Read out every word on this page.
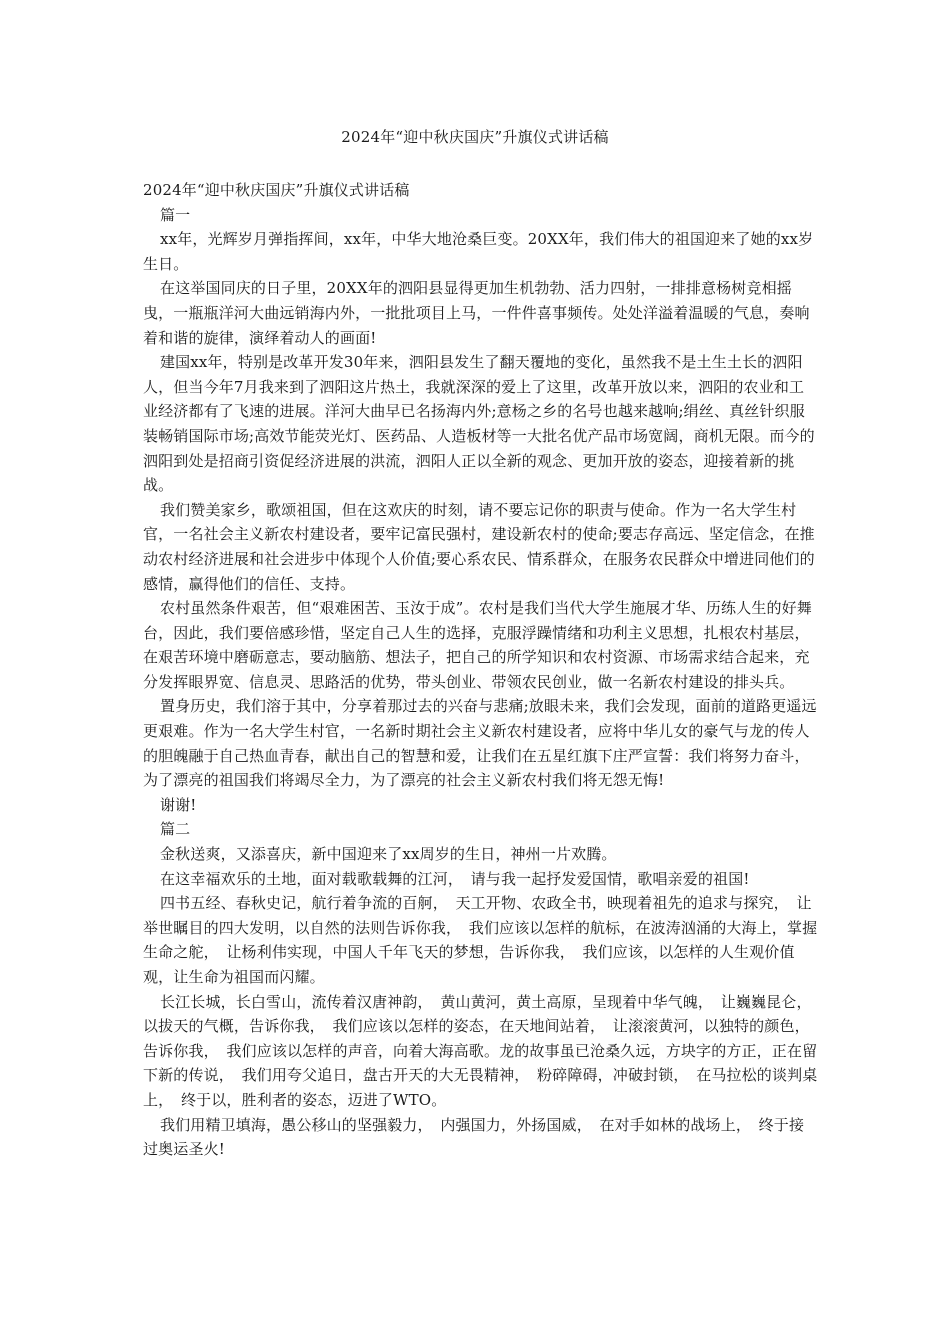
2024年“迎中秋庆国庆”升旗仪式讲话稿

2024年“迎中秋庆国庆”升旗仪式讲话稿

篇一

xx年，光辉岁月弹指挥间，xx年，中华大地沧桑巨变。20XX年，我们伟大的祖国迎来了她的xx岁生日。

在这举国同庆的日子里，20XX年的泗阳县显得更加生机勃勃、活力四射，一排排意杨树竞相摇曳，一瓶瓶洋河大曲远销海内外，一批批项目上马，一件件喜事频传。处处洋溢着温暖的气息，奏响着和谐的旋律，演绎着动人的画面!

建国xx年，特别是改革开发30年来，泗阳县发生了翻天覆地的变化，虽然我不是土生土长的泗阳人，但当今年7月我来到了泗阳这片热土，我就深深的爱上了这里，改革开放以来，泗阳的农业和工业经济都有了飞速的进展。洋河大曲早已名扬海内外;意杨之乡的名号也越来越响;绢丝、真丝针织服装畅销国际市场;高效节能荧光灯、医药品、人造板材等一大批名优产品市场宽阔，商机无限。而今的泗阳到处是招商引资促经济进展的洪流，泗阳人正以全新的观念、更加开放的姿态，迎接着新的挑战。

我们赞美家乡，歌颂祖国，但在这欢庆的时刻，请不要忘记你的职责与使命。作为一名大学生村官，一名社会主义新农村建设者，要牢记富民强村，建设新农村的使命;要志存高远、坚定信念，在推动农村经济进展和社会进步中体现个人价值;要心系农民、情系群众，在服务农民群众中增进同他们的感情，赢得他们的信任、支持。

农村虽然条件艰苦，但“艰难困苦、玉汝于成”。农村是我们当代大学生施展才华、历练人生的好舞台，因此，我们要倍感珍惜，坚定自己人生的选择，克服浮躁情绪和功利主义思想，扎根农村基层，在艰苦环境中磨砺意志，要动脑筋、想法子，把自己的所学知识和农村资源、市场需求结合起来，充分发挥眼界宽、信息灵、思路活的优势，带头创业、带领农民创业，做一名新农村建设的排头兵。

置身历史，我们溶于其中，分享着那过去的兴奋与悲痛;放眼未来，我们会发现，面前的道路更遥远更艰难。作为一名大学生村官，一名新时期社会主义新农村建设者，应将中华儿女的豪气与龙的传人的胆魄融于自己热血青春，献出自己的智慧和爱，让我们在五星红旗下庄严宣誓：我们将努力奋斗，为了漂亮的祖国我们将竭尽全力，为了漂亮的社会主义新农村我们将无怨无悔!

谢谢!

篇二

金秋送爽，又添喜庆，新中国迎来了xx周岁的生日，神州一片欢腾。

在这幸福欢乐的土地，面对载歌载舞的江河，　请与我一起抒发爱国情，歌唱亲爱的祖国!

四书五经、春秋史记，航行着争流的百舸，　天工开物、农政全书，映现着祖先的追求与探究，　让举世瞩目的四大发明，以自然的法则告诉你我，　我们应该以怎样的航标，在波涛汹涌的大海上，掌握生命之舵，　让杨利伟实现，中国人千年飞天的梦想，告诉你我，　我们应该，以怎样的人生观价值观，让生命为祖国而闪耀。

长江长城，长白雪山，流传着汉唐神韵，　黄山黄河，黄土高原，呈现着中华气魄，　让巍巍昆仑，以拔天的气概，告诉你我，　我们应该以怎样的姿态，在天地间站着，　让滚滚黄河，以独特的颜色，告诉你我，　我们应该以怎样的声音，向着大海高歌。龙的故事虽已沧桑久远，方块字的方正，正在留下新的传说，　我们用夸父追日，盘古开天的大无畏精神，　粉碎障碍，冲破封锁，　在马拉松的谈判桌上，　终于以，胜利者的姿态，迈进了WTO。

我们用精卫填海，愚公移山的坚强毅力，　内强国力，外扬国威，　在对手如林的战场上，　终于接过奥运圣火!
